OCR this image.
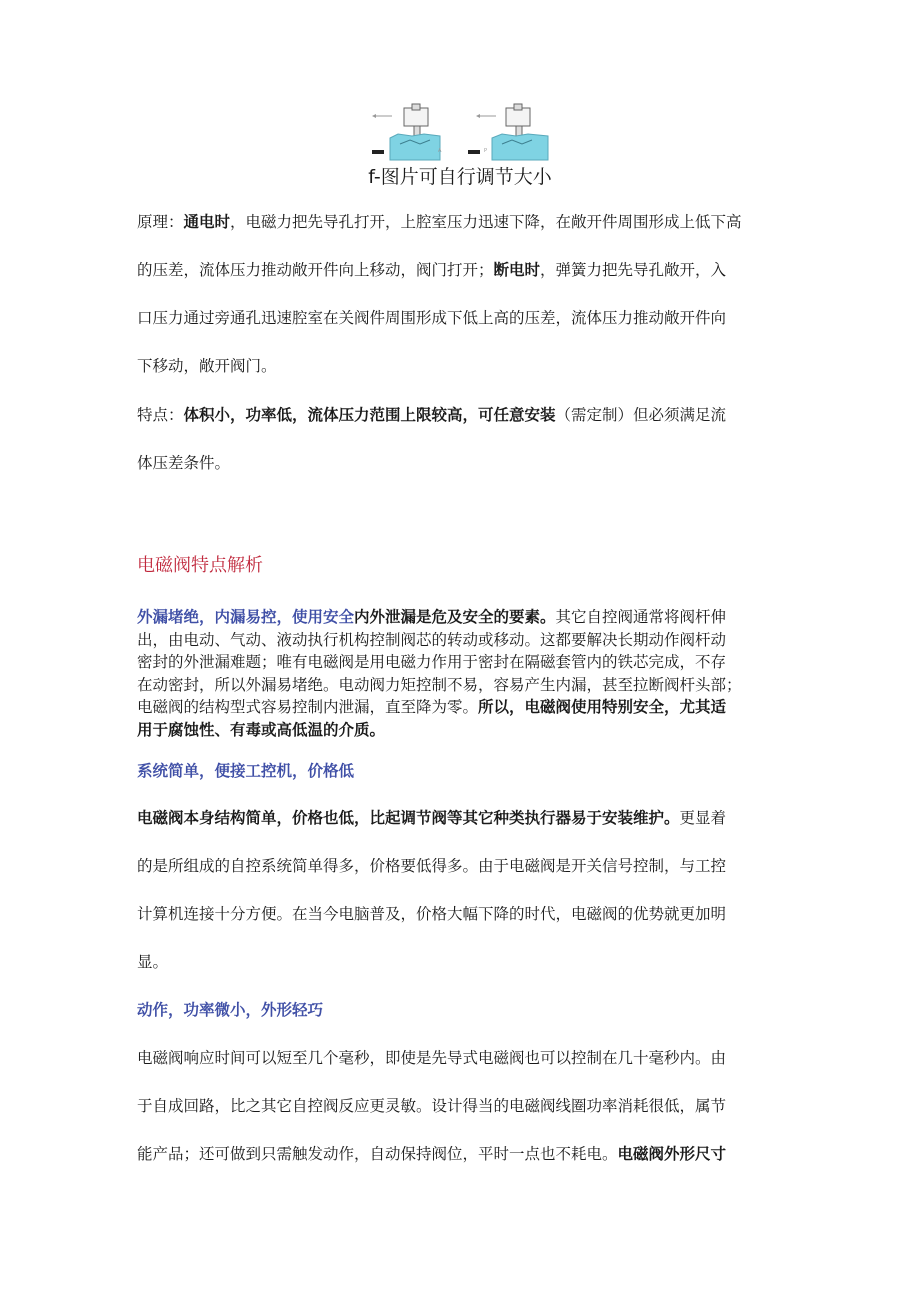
A	P
f-图片可自行调节大小
原理：通电时，电磁力把先导孔打开，上腔室压力迅速下降，在敞开件周围形成上低下高
的压差，流体压力推动敞开件向上移动，阀门打开；断电时，弹簧力把先导孔敞开，入
口压力通过旁通孔迅速腔室在关阀件周围形成下低上高的压差，流体压力推动敞开件向
下移动，敞开阀门。
特点：体积小，功率低，流体压力范围上限较高，可任意安装（需定制）但必须满足流
体压差条件。
电磁阀特点解析
外漏堵绝，内漏易控，使用安全内外泄漏是危及安全的要素。其它自控阀通常将阀杆伸
出，由电动、气动、液动执行机构控制阀芯的转动或移动。这都要解决长期动作阀杆动
密封的外泄漏难题；唯有电磁阀是用电磁力作用于密封在隔磁套管内的铁芯完成，不存
在动密封，所以外漏易堵绝。电动阀力矩控制不易，容易产生内漏，甚至拉断阀杆头部；
电磁阀的结构型式容易控制内泄漏，直至降为零。所以，电磁阀使用特别安全，尤其适
用于腐蚀性、有毒或高低温的介质。
系统简单，便接工控机，价格低
电磁阀本身结构简单，价格也低，比起调节阀等其它种类执行器易于安装维护。更显着
的是所组成的自控系统简单得多，价格要低得多。由于电磁阀是开关信号控制，与工控
计算机连接十分方便。在当今电脑普及，价格大幅下降的时代，电磁阀的优势就更加明
显。
动作，功率微小，外形轻巧
电磁阀响应时间可以短至几个毫秒，即使是先导式电磁阀也可以控制在几十毫秒内。由
于自成回路，比之其它自控阀反应更灵敏。设计得当的电磁阀线圈功率消耗很低，属节
能产品；还可做到只需触发动作，自动保持阀位，平时一点也不耗电。电磁阀外形尺寸
